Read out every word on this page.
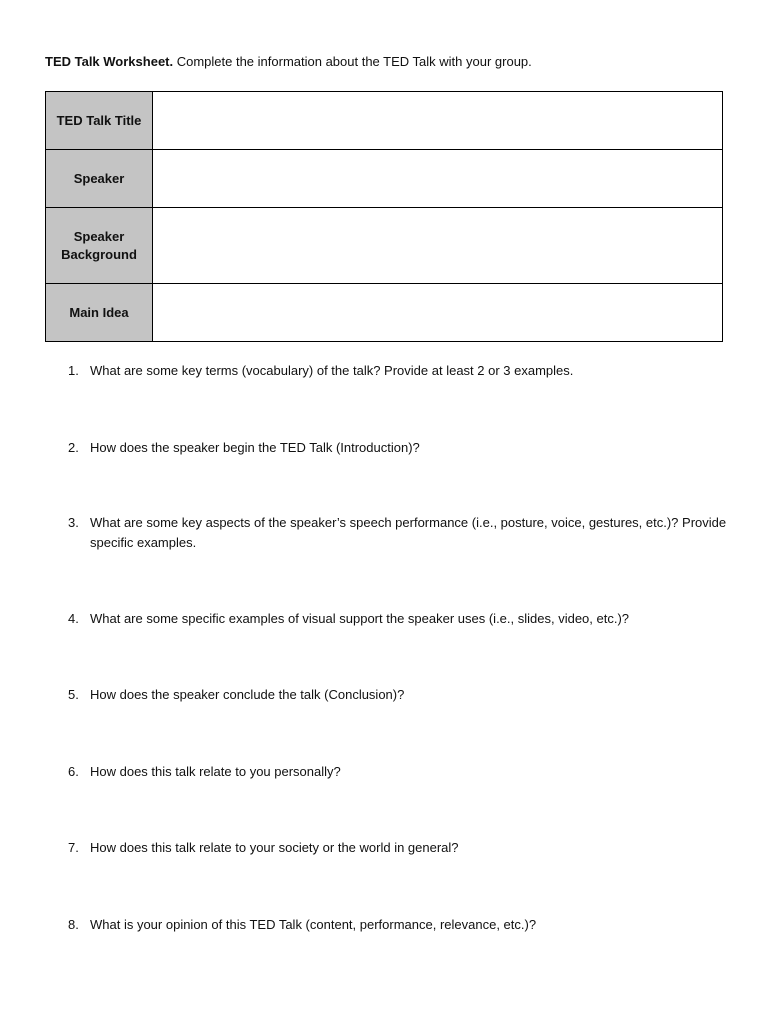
TED Talk Worksheet. Complete the information about the TED Talk with your group.
TED Talk Title	
Speaker	
Speaker Background	
Main Idea	
1. What are some key terms (vocabulary) of the talk? Provide at least 2 or 3 examples.
2. How does the speaker begin the TED Talk (Introduction)?
3. What are some key aspects of the speaker’s speech performance (i.e., posture, voice, gestures, etc.)? Provide specific examples.
4. What are some specific examples of visual support the speaker uses (i.e., slides, video, etc.)?
5. How does the speaker conclude the talk (Conclusion)?
6. How does this talk relate to you personally?
7. How does this talk relate to your society or the world in general?
8. What is your opinion of this TED Talk (content, performance, relevance, etc.)?
